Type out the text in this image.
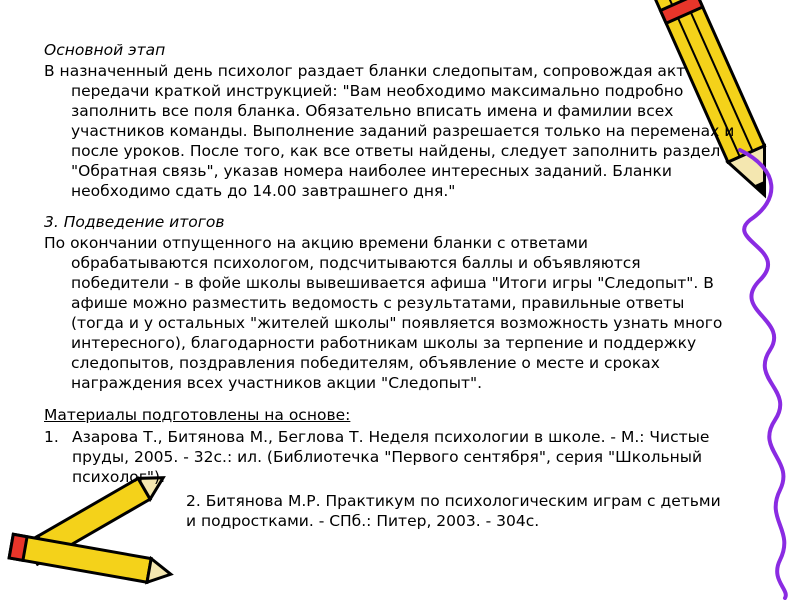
Основной этап
В назначенный день психолог раздает бланки следопытам, сопровождая акт
передачи краткой инструкцией: "Вам необходимо максимально подробно
заполнить все поля бланка. Обязательно вписать имена и фамилии всех
участников команды. Выполнение заданий разрешается только на переменах и
после уроков. После того, как все ответы найдены, следует заполнить раздел
"Обратная связь", указав номера наиболее интересных заданий. Бланки
необходимо сдать до 14.00 завтрашнего дня."
3. Подведение итогов
По окончании отпущенного на акцию времени бланки с ответами
обрабатываются психологом, подсчитываются баллы и объявляются
победители - в фойе школы вывешивается афиша "Итоги игры "Следопыт". В
афише можно разместить ведомость с результатами, правильные ответы
(тогда и у остальных "жителей школы" появляется возможность узнать много
интересного), благодарности работникам школы за терпение и поддержку
следопытов, поздравления победителям, объявление о месте и сроках
награждения всех участников акции "Следопыт".
Материалы подготовлены на основе:
1. Азарова Т., Битянова М., Беглова Т. Неделя психологии в школе. - М.: Чистые
пруды, 2005. - 32с.: ил. (Библиотечка "Первого сентября", серия "Школьный
психолог").
2. Битянова М.Р. Практикум по психологическим играм с детьми
и подростками. - СПб.: Питер, 2003. - 304с.
